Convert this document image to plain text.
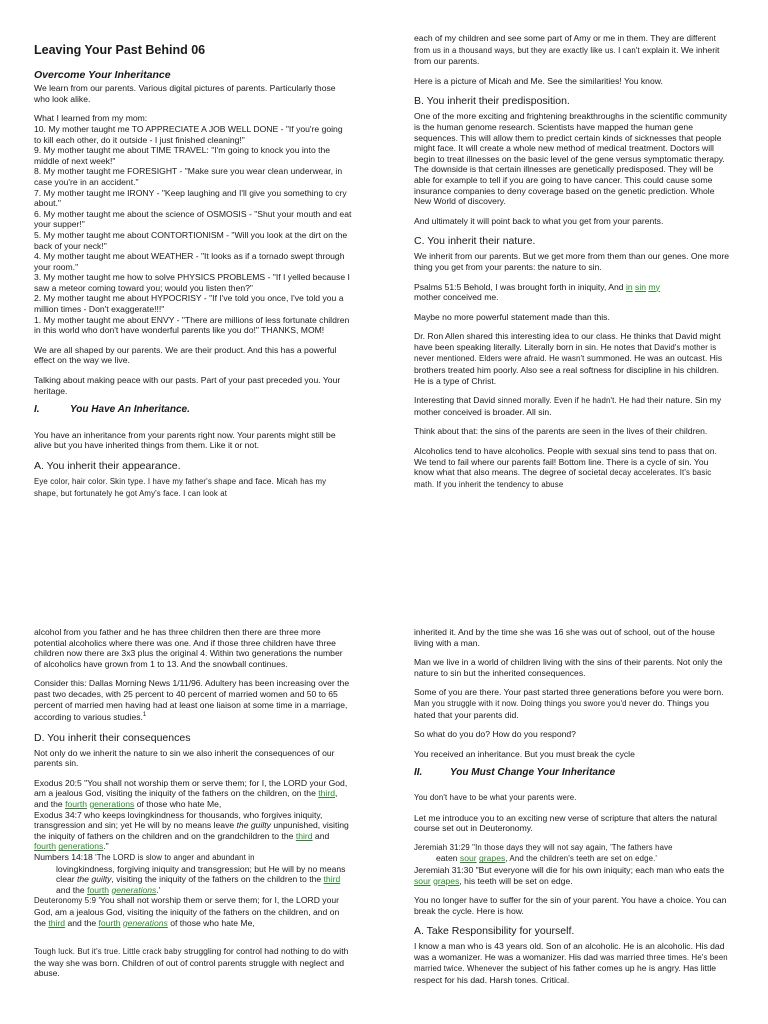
Leaving Your Past Behind 06

Overcome Your Inheritance

We learn from our parents. Various digital pictures of parents. Particularly those who look alike.

What I learned from my mom:
10. My mother taught me TO APPRECIATE A JOB WELL DONE - "If you're going to kill each other, do it outside - I just finished cleaning!"
9. My mother taught me about TIME TRAVEL: "I'm going to knock you into the middle of next week!"
8. My mother taught me FORESIGHT - "Make sure you wear clean underwear, in case you're in an accident."
7. My mother taught me IRONY - "Keep laughing and I'll give you something to cry about."
6. My mother taught me about the science of OSMOSIS - "Shut your mouth and eat your supper!"
5. My mother taught me about CONTORTIONISM - "Will you look at the dirt on the back of your neck!"
4. My mother taught me about WEATHER - "It looks as if a tornado swept through your room."
3. My mother taught me how to solve PHYSICS PROBLEMS - "If I yelled because I saw a meteor coming toward you; would you listen then?"
2. My mother taught me about HYPOCRISY - "If I've told you once, I've told you a million times - Don't exaggerate!!!"
1. My mother taught me about ENVY - "There are millions of less fortunate children in this world who don't have wonderful parents like you do!" THANKS, MOM!

We are all shaped by our parents. We are their product. And this has a powerful effect on the way we live.

Talking about making peace with our pasts. Part of your past preceded you. Your heritage.

I.	You Have An Inheritance.

You have an inheritance from your parents right now. Your parents might still be alive but you have inherited things from them. Like it or not.

A. You inherit their appearance.

Eye color, hair color. Skin type. I have my father's shape and face. Micah has my shape, but fortunately he got Amy's face. I can look at

each of my children and see some part of Amy or me in them. They are different from us in a thousand ways, but they are exactly like us. I can't explain it. We inherit from our parents.

Here is a picture of Micah and Me. See the similarities! You know.

B. You inherit their predisposition.

One of the more exciting and frightening breakthroughs in the scientific community is the human genome research. Scientists have mapped the human gene sequences. This will allow them to predict certain kinds of sicknesses that people might face. It will create a whole new method of medical treatment. Doctors will begin to treat illnesses on the basic level of the gene versus symptomatic therapy. The downside is that certain illnesses are genetically predisposed. They will be able for example to tell if you are going to have cancer. This could cause some insurance companies to deny coverage based on the genetic prediction. Whole New World of discovery.

And ultimately it will point back to what you get from your parents.

C. You inherit their nature.

We inherit from our parents. But we get more from them than our genes. One more thing you get from your parents: the nature to sin.

Psalms 51:5 Behold, I was brought forth in iniquity, And in sin my
mother conceived me.

Maybe no more powerful statement made than this.

Dr. Ron Allen shared this interesting idea to our class. He thinks that David might have been speaking literally. Literally born in sin. He notes that David's mother is never mentioned. Elders were afraid. He wasn't summoned. He was an outcast. His brothers treated him poorly. Also see a real softness for discipline in his children. He is a type of Christ.

Interesting that David sinned morally. Even if he hadn't. He had their nature. Sin my mother conceived is broader. All sin.

Think about that: the sins of the parents are seen in the lives of their children.

Alcoholics tend to have alcoholics. People with sexual sins tend to pass that on. We tend to fail where our parents fail! Bottom line. There is a cycle of sin. You know what that also means. The degree of societal decay accelerates. It's basic math. If you inherit the tendency to abuse

alcohol from you father and he has three children then there are three more potential alcoholics where there was one. And if those three children have three children now there are 3x3 plus the original 4. Within two generations the number of alcoholics have grown from 1 to 13. And the snowball continues.

Consider this: Dallas Morning News 1/11/96. Adultery has been increasing over the past two decades, with 25 percent to 40 percent of married women and 50 to 65 percent of married men having had at least one liaison at some time in a marriage, according to various studies.$^1$

D. You inherit their consequences

Not only do we inherit the nature to sin we also inherit the consequences of our parents sin.

Exodus 20:5 "You shall not worship them or serve them; for I, the LORD your God, am a jealous God, visiting the iniquity of the fathers on the children, on the third, and the fourth generations of those who hate Me,
Exodus 34:7 who keeps lovingkindness for thousands, who forgives iniquity, transgression and sin; yet He will by no means leave the guilty unpunished, visiting the iniquity of fathers on the children and on the grandchildren to the third and fourth generations."
Numbers 14:18 'The LORD is slow to anger and abundant in
lovingkindness, forgiving iniquity and transgression; but He will by no means clear the guilty, visiting the iniquity of the fathers on the children to the third and the fourth generations.'
Deuteronomy 5:9 'You shall not worship them or serve them; for I, the LORD your God, am a jealous God, visiting the iniquity of the fathers on the children, and on the third and the fourth generations of those who hate Me,

Tough luck. But it's true. Little crack baby struggling for control had nothing to do with the way she was born. Children of out of control parents struggle with neglect and abuse.

inherited it. And by the time she was 16 she was out of school, out of the house living with a man.

Man we live in a world of children living with the sins of their parents. Not only the nature to sin but the inherited consequences.

Some of you are there. Your past started three generations before you were born. Man you struggle with it now. Doing things you swore you'd never do. Things you hated that your parents did.

So what do you do? How do you respond?

You received an inheritance. But you must break the cycle

II.	You Must Change Your Inheritance

You don't have to be what your parents were.

Let me introduce you to an exciting new verse of scripture that alters the natural course set out in Deuteronomy.

Jeremiah 31:29 "In those days they will not say again, 'The fathers have
eaten sour grapes, And the children's teeth are set on edge.'
Jeremiah 31:30 "But everyone will die for his own iniquity; each man who eats the sour grapes, his teeth will be set on edge.

You no longer have to suffer for the sin of your parent. You have a choice. You can break the cycle. Here is how.

A. Take Responsibility for yourself.

I know a man who is 43 years old. Son of an alcoholic. He is an alcoholic. His dad was a womanizer. He was a womanizer. His dad was married three times. He's been married twice. Whenever the subject of his father comes up he is angry. Has little respect for his dad. Harsh tones. Critical.
